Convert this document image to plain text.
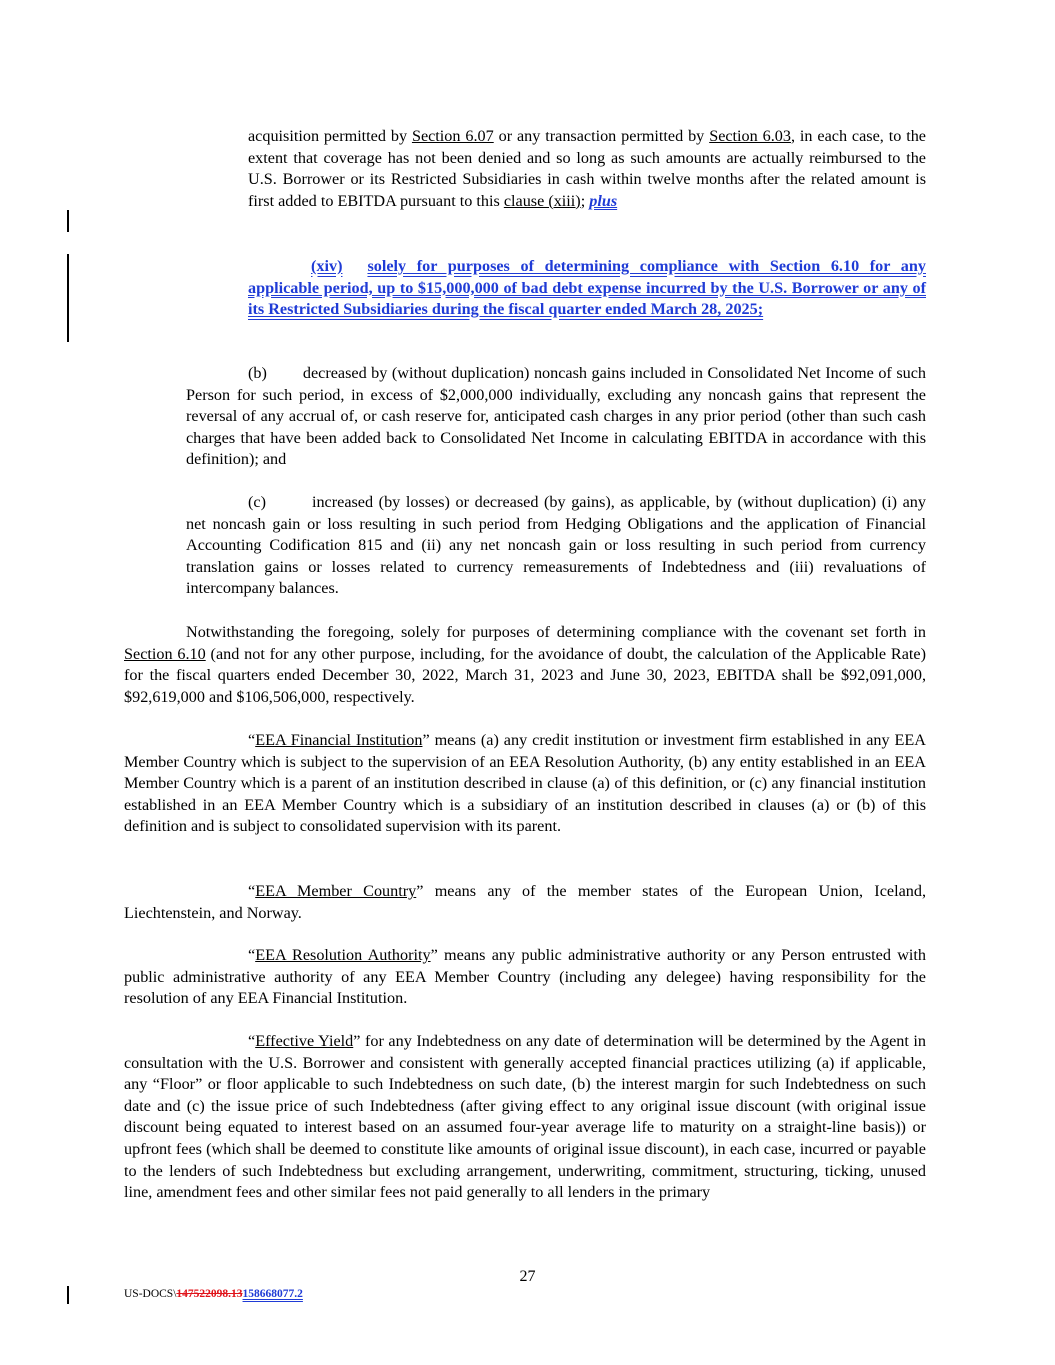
acquisition permitted by Section 6.07 or any transaction permitted by Section 6.03, in each case, to the extent that coverage has not been denied and so long as such amounts are actually reimbursed to the U.S. Borrower or its Restricted Subsidiaries in cash within twelve months after the related amount is first added to EBITDA pursuant to this clause (xiii); plus

(xiv) solely for purposes of determining compliance with Section 6.10 for any applicable period, up to $15,000,000 of bad debt expense incurred by the U.S. Borrower or any of its Restricted Subsidiaries during the fiscal quarter ended March 28, 2025;

(b) decreased by (without duplication) noncash gains included in Consolidated Net Income of such Person for such period, in excess of $2,000,000 individually, excluding any noncash gains that represent the reversal of any accrual of, or cash reserve for, anticipated cash charges in any prior period (other than such cash charges that have been added back to Consolidated Net Income in calculating EBITDA in accordance with this definition); and

(c)	increased (by losses) or decreased (by gains), as applicable, by (without duplication) (i) any net noncash gain or loss resulting in such period from Hedging Obligations and the application of Financial Accounting Codification 815 and (ii) any net noncash gain or loss resulting in such period from currency translation gains or losses related to currency remeasurements of Indebtedness and (iii) revaluations of intercompany balances.

Notwithstanding the foregoing, solely for purposes of determining compliance with the covenant set forth in Section 6.10 (and not for any other purpose, including, for the avoidance of doubt, the calculation of the Applicable Rate) for the fiscal quarters ended December 30, 2022, March 31, 2023 and June 30, 2023, EBITDA shall be $92,091,000, $92,619,000 and $106,506,000, respectively.

“EEA Financial Institution” means (a) any credit institution or investment firm established in any EEA Member Country which is subject to the supervision of an EEA Resolution Authority, (b) any entity established in an EEA Member Country which is a parent of an institution described in clause (a) of this definition, or (c) any financial institution established in an EEA Member Country which is a subsidiary of an institution described in clauses (a) or (b) of this definition and is subject to consolidated supervision with its parent.

“EEA Member Country” means any of the member states of the European Union, Iceland, Liechtenstein, and Norway.

“EEA Resolution Authority” means any public administrative authority or any Person entrusted with public administrative authority of any EEA Member Country (including any delegee) having responsibility for the resolution of any EEA Financial Institution.

“Effective Yield” for any Indebtedness on any date of determination will be determined by the Agent in consultation with the U.S. Borrower and consistent with generally accepted financial practices utilizing (a) if applicable, any “Floor” or floor applicable to such Indebtedness on such date, (b) the interest margin for such Indebtedness on such date and (c) the issue price of such Indebtedness (after giving effect to any original issue discount (with original issue discount being equated to interest based on an assumed four-year average life to maturity on a straight-line basis)) or upfront fees (which shall be deemed to constitute like amounts of original issue discount), in each case, incurred or payable to the lenders of such Indebtedness but excluding arrangement, underwriting, commitment, structuring, ticking, unused line, amendment fees and other similar fees not paid generally to all lenders in the primary

27
US-DOCS\147522098.13158668077.2
